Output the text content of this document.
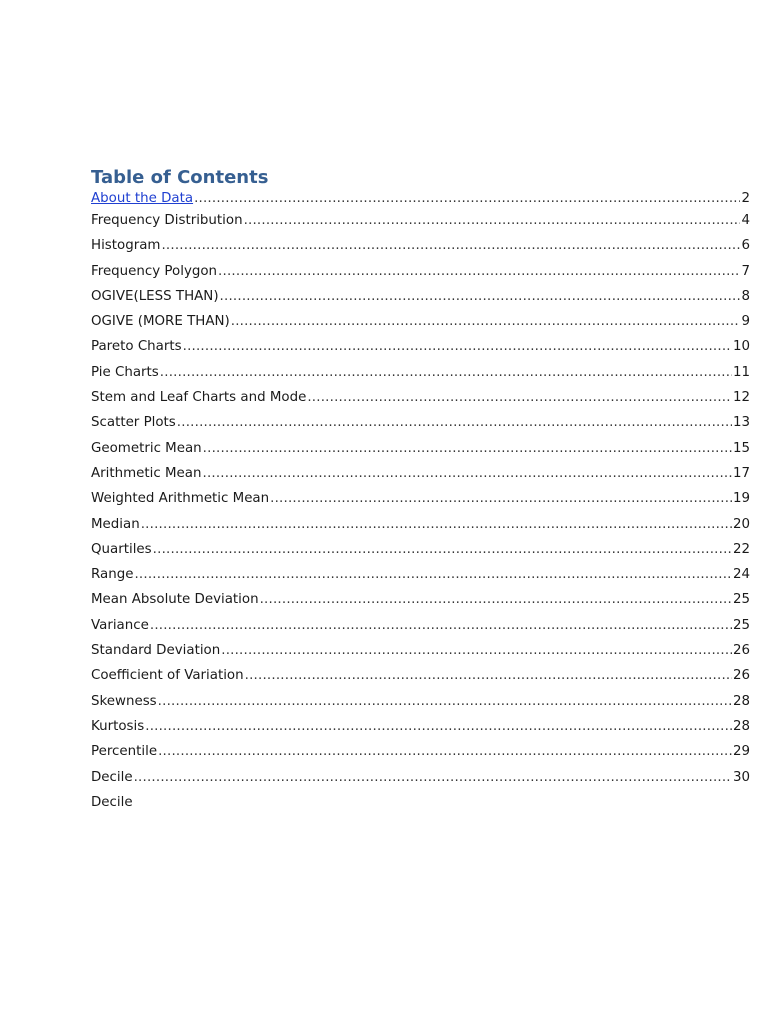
Table of Contents
About the Data .....	2
Frequency Distribution .....	4
Histogram .....	6
Frequency Polygon .....	7
OGIVE(LESS THAN) .....	8
OGIVE (MORE THAN) .....	9
Pareto Charts .....	10
Pie Charts .....	11
Stem and Leaf Charts and Mode .....	12
Scatter Plots .....	13
Geometric Mean .....	15
Arithmetic Mean .....	17
Weighted Arithmetic Mean .....	19
Median .....	20
Quartiles .....	22
Range .....	24
Mean Absolute Deviation .....	25
Variance .....	25
Standard Deviation .....	26
Coefficient of Variation .....	26
Skewness .....	28
Kurtosis .....	28
Percentile .....	29
Decile .....	30
Decile
